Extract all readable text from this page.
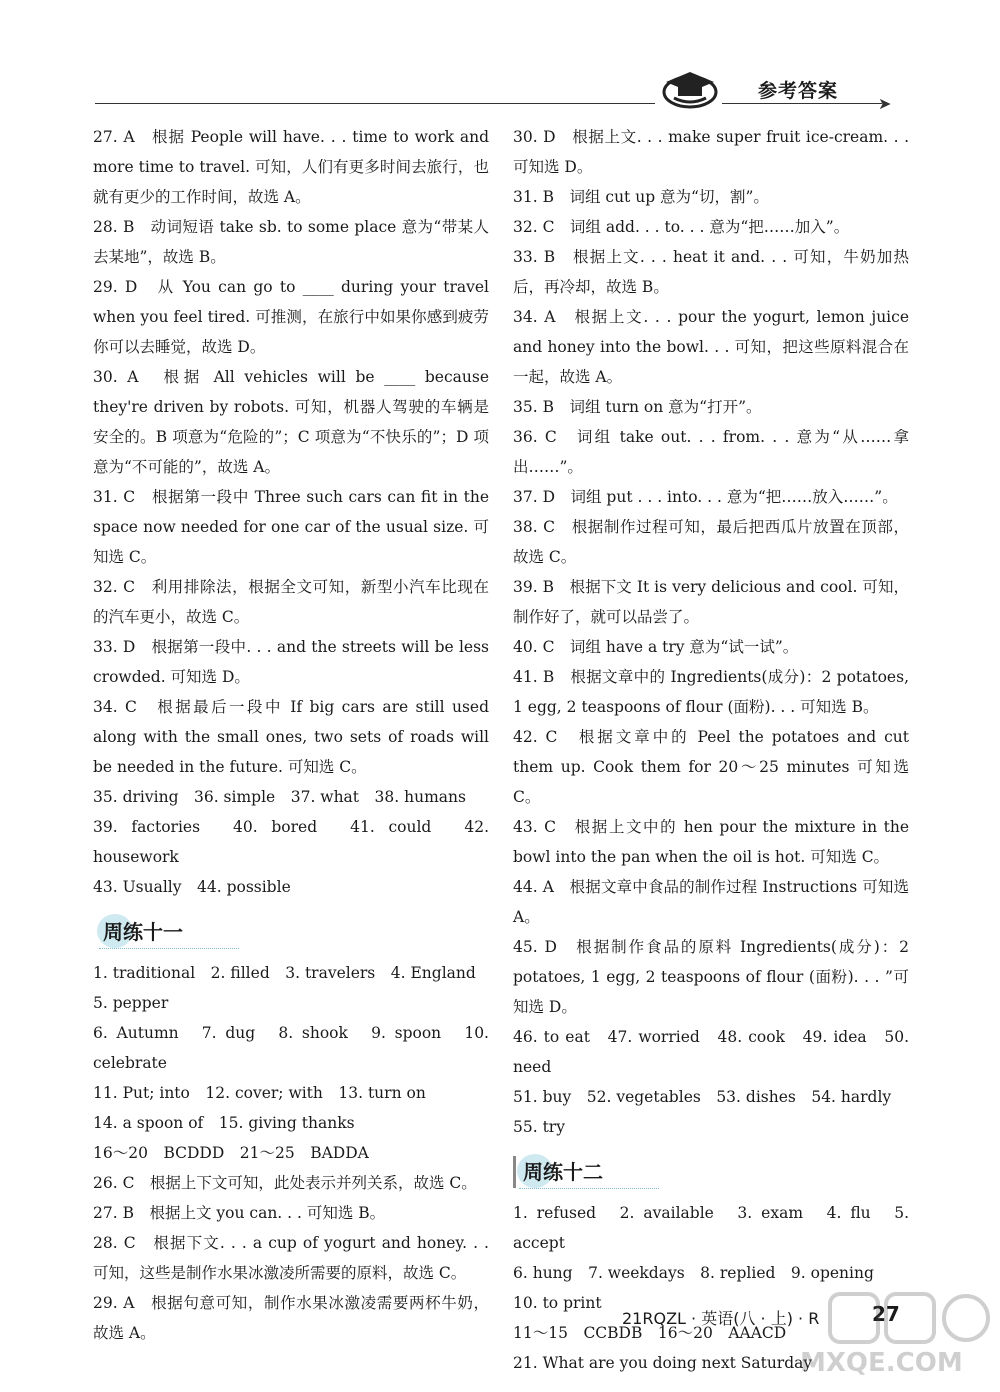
➤
参考答案

27. A　根据 People will have. . . time to work and more time to travel. 可知，人们有更多时间去旅行，也就有更少的工作时间，故选 A。

28. B　动词短语 take sb. to some place 意为“带某人去某地”，故选 B。

29. D　从 You can go to ____ during your travel when you feel tired. 可推测，在旅行中如果你感到疲劳你可以去睡觉，故选 D。

30. A　根据 All vehicles will be ____ because they're driven by robots. 可知，机器人驾驶的车辆是安全的。B 项意为“危险的”；C 项意为“不快乐的”；D 项意为“不可能的”，故选 A。

31. C　根据第一段中 Three such cars can fit in the space now needed for one car of the usual size. 可知选 C。

32. C　利用排除法，根据全文可知，新型小汽车比现在的汽车更小，故选 C。

33. D　根据第一段中. . . and the streets will be less crowded. 可知选 D。

34. C　根据最后一段中 If big cars are still used along with the small ones, two sets of roads will be needed in the future. 可知选 C。

35. driving　36. simple　37. what　38. humans

39. factories　40. bored　41. could　42. housework

43. Usually　44. possible

周练十一

1. traditional　2. filled　3. travelers　4. England

5. pepper

6. Autumn　7. dug　8. shook　9. spoon　10. celebrate

11. Put; into　12. cover; with　13. turn on

14. a spoon of　15. giving thanks

16～20　BCDDD　21～25　BADDA

26. C　根据上下文可知，此处表示并列关系，故选 C。

27. B　根据上文 you can. . . 可知选 B。

28. C　根据下文. . . a cup of yogurt and honey. . . 可知，这些是制作水果冰激凌所需要的原料，故选 C。

29. A　根据句意可知，制作水果冰激凌需要两杯牛奶，故选 A。

30. D　根据上文. . . make super fruit ice-cream. . . 可知选 D。

31. B　词组 cut up 意为“切，割”。

32. C　词组 add. . . to. . . 意为“把……加入”。

33. B　根据上文. . . heat it and. . . 可知，牛奶加热后，再冷却，故选 B。

34. A　根据上文. . . pour the yogurt, lemon juice and honey into the bowl. . . 可知，把这些原料混合在一起，故选 A。

35. B　词组 turn on 意为“打开”。

36. C　词组 take out. . . from. . . 意为“从……拿出……”。

37. D　词组 put . . . into. . . 意为“把……放入……”。

38. C　根据制作过程可知，最后把西瓜片放置在顶部，故选 C。

39. B　根据下文 It is very delicious and cool. 可知，制作好了，就可以品尝了。

40. C　词组 have a try 意为“试一试”。

41. B　根据文章中的 Ingredients(成分)：2 potatoes, 1 egg, 2 teaspoons of flour (面粉). . . 可知选 B。

42. C　根据文章中的 Peel the potatoes and cut them up. Cook them for 20～25 minutes 可知选 C。

43. C　根据上文中的 hen pour the mixture in the bowl into the pan when the oil is hot. 可知选 C。

44. A　根据文章中食品的制作过程 Instructions 可知选 A。

45. D　根据制作食品的原料 Ingredients(成分)：2 potatoes, 1 egg, 2 teaspoons of flour (面粉). . . ”可知选 D。

46. to eat　47. worried　48. cook　49. idea　50. need

51. buy　52. vegetables　53. dishes　54. hardly

55. try

周练十二

1. refused　2. available　3. exam　4. flu　5. accept

6. hung　7. weekdays　8. replied　9. opening

10. to print

11～15　CCBDB　16～20　AAACD

21. What are you doing next Saturday

21RQZL · 英语(八 · 上) · R	27
MXQE.COM
